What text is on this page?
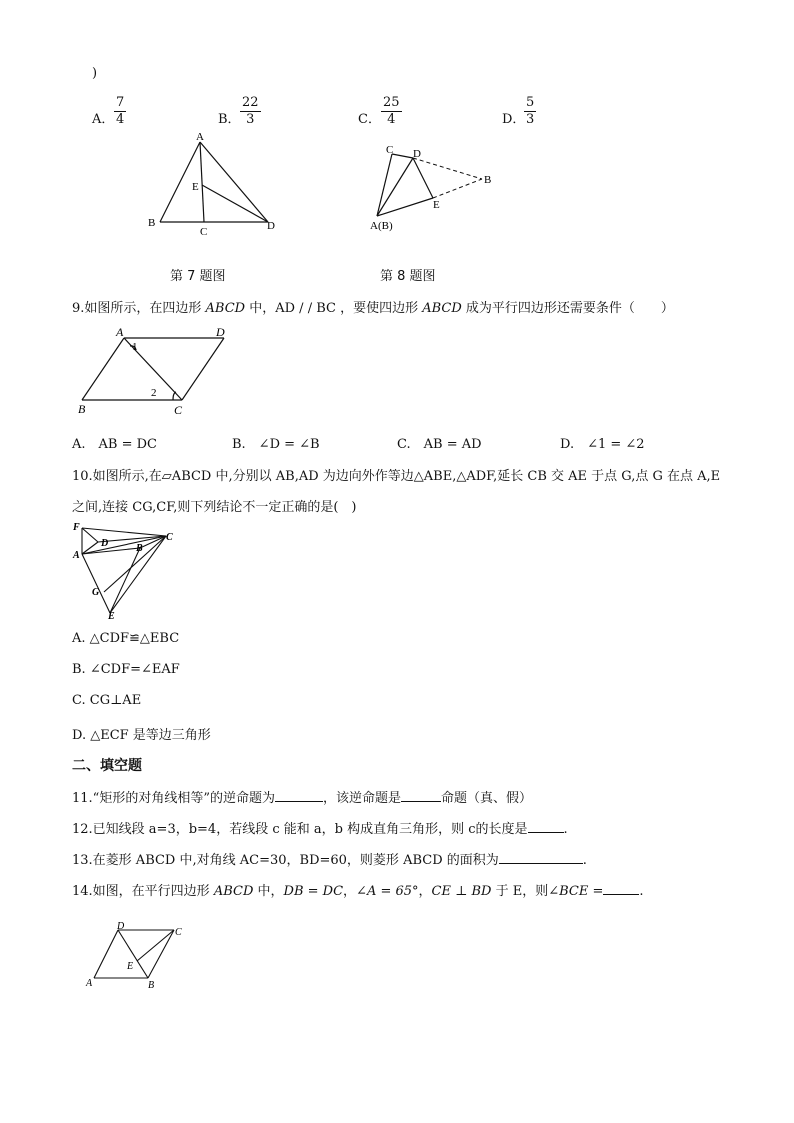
)
A． $\frac{7}{4}$	B． $\frac{22}{3}$	C． $\frac{25}{4}$	D．
$\frac{5}{3}$
A
E
B
C	D
C D
B
E
A(B)
第 7 题图	第 8 题图
9.如图所示，在四边形 ABCD 中，AD / / BC ，要使四边形 ABCD 成为平行四边形还需要条件（　　）
A	D
B	C
1
2
A.　AB = DC	B.　∠D = ∠B	C.　AB = AD	D.　∠1 = ∠2
10.如图所示,在▱ABCD 中,分别以 AB,AD 为边向外作等边△ABE,△ADF,延长 CB 交 AE 于点 G,点 G 在点 A,E
之间,连接 CG,CF,则下列结论不一定正确的是(　)
F
D
C
A
B
G
E
A. △CDF≌△EBC
B. ∠CDF=∠EAF
C. CG⊥AE
D. △ECF 是等边三角形
二、填空题
11.“矩形的对角线相等”的逆命题为	，该逆命题是	命题（真、假）
12.已知线段 a=3，b=4，若线段 c 能和 a，b 构成直角三角形，则 c的长度是	.
13.在菱形 ABCD 中,对角线 AC=30，BD=60，则菱形 ABCD 的面积为	.
14.如图，在平行四边形 ABCD 中，DB = DC，∠A = 65°，CE ⊥ BD 于 E，则∠BCE =	.
D
C
E
A	B
